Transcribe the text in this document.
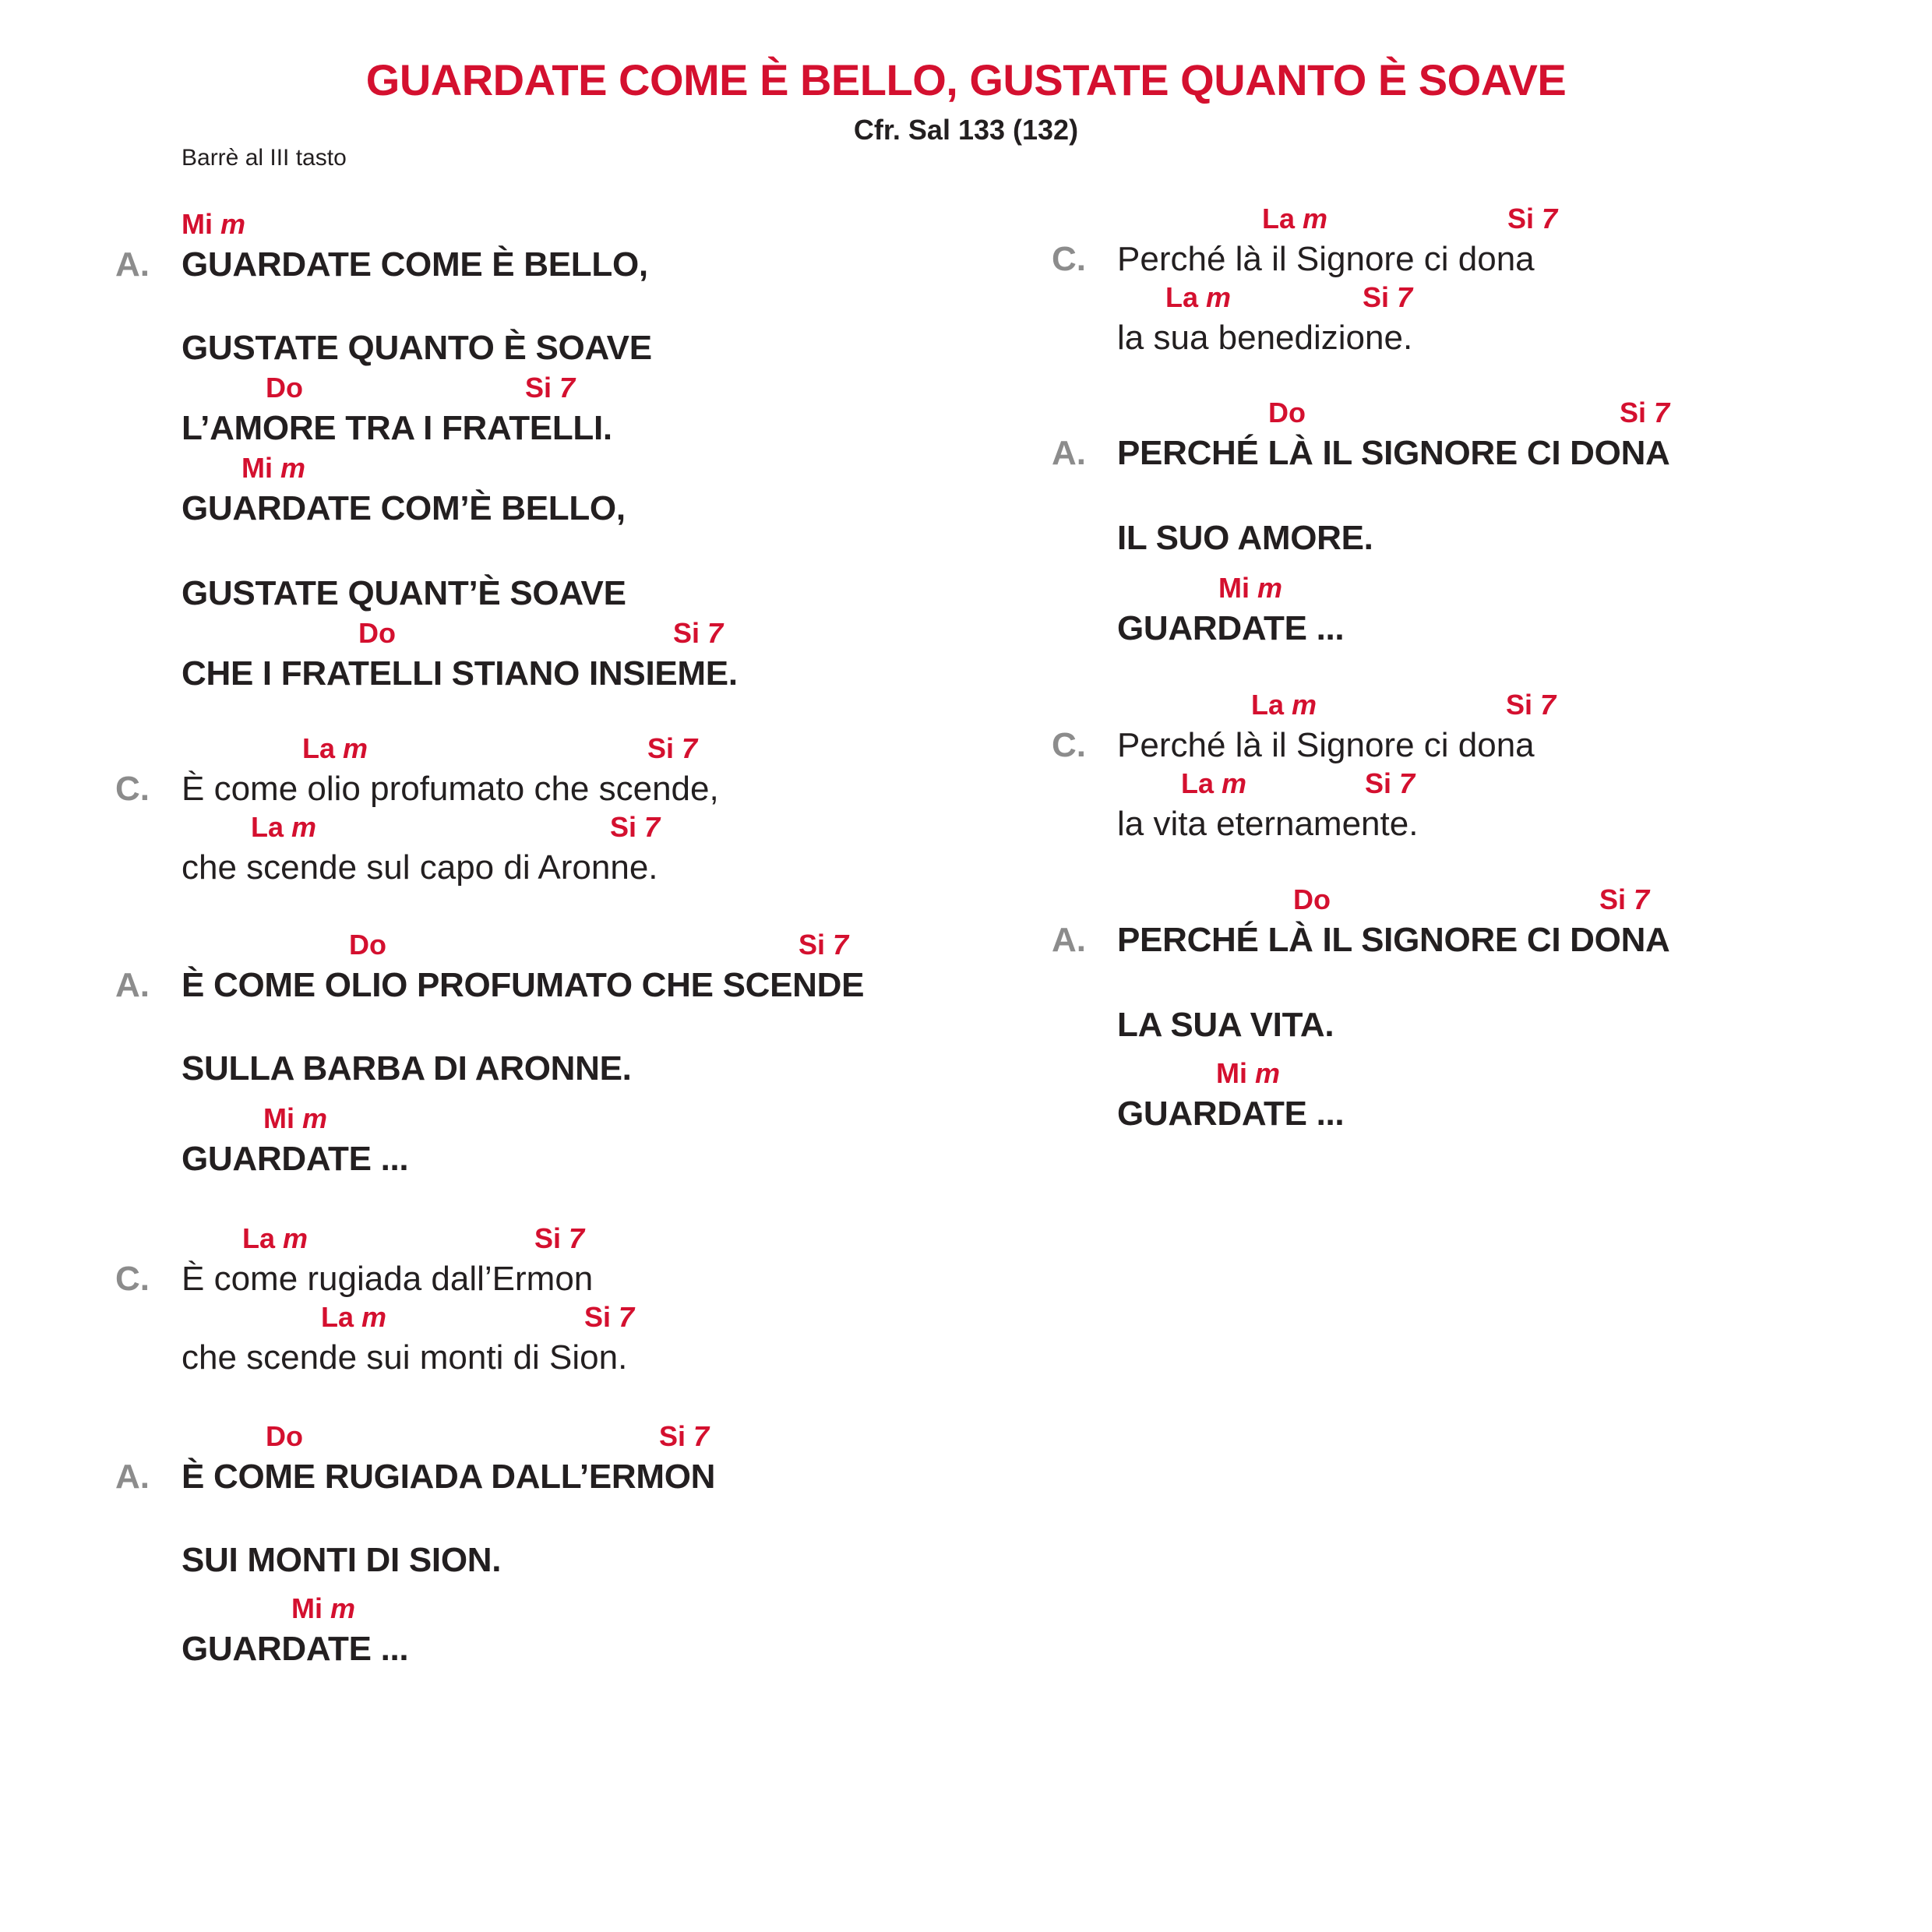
GUARDATE COME È BELLO, GUSTATE QUANTO È SOAVE
Cfr. Sal 133 (132)
Barrè al III tasto
A. GUARDATE COME È BELLO,
Mi m
GUSTATE QUANTO È SOAVE
L’AMORE TRA I FRATELLI.
Do	Si 7
GUARDATE COM’È BELLO,
Mi m
GUSTATE QUANT’È SOAVE
CHE I FRATELLI STIANO INSIEME.
Do	Si 7
C. È come olio profumato che scende,
La m	Si 7
che scende sul capo di Aronne.
La m	Si 7
A. È COME OLIO PROFUMATO CHE SCENDE
Do	Si 7
SULLA BARBA DI ARONNE.
GUARDATE ...
Mi m
C. È come rugiada dall’Ermon
La m	Si 7
che scende sui monti di Sion.
La m	Si 7
A. È COME RUGIADA DALL’ERMON
Do	Si 7
SUI MONTI DI SION.
GUARDATE ...
Mi m
C. Perché là il Signore ci dona
La m	Si 7
la sua benedizione.
La m	Si 7
A. PERCHÉ LÀ IL SIGNORE CI DONA
Do	Si 7
IL SUO AMORE.
GUARDATE ...
Mi m
C. Perché là il Signore ci dona
La m	Si 7
la vita eternamente.
La m	Si 7
A. PERCHÉ LÀ IL SIGNORE CI DONA
Do	Si 7
LA SUA VITA.
GUARDATE ...
Mi m
